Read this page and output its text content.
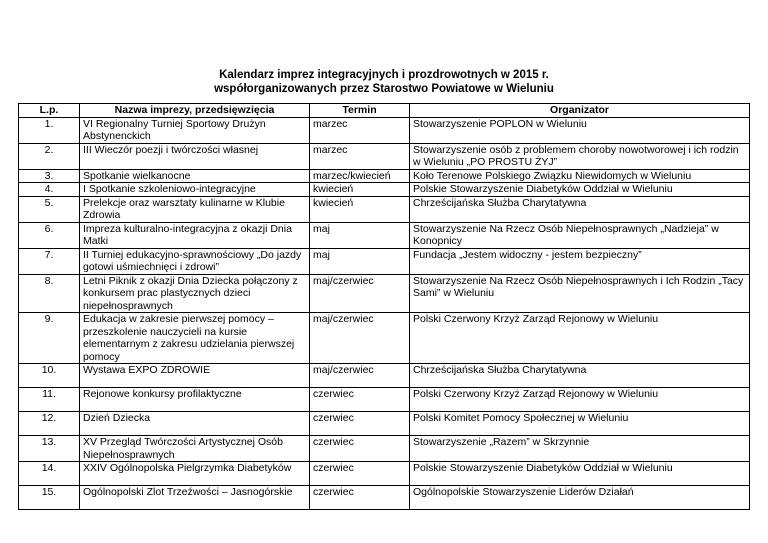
Kalendarz imprez integracyjnych i prozdrowotnych w 2015 r.
współorganizowanych przez Starostwo Powiatowe w Wieluniu
L.p.	Nazwa imprezy, przedsięwzięcia	Termin	Organizator
1.	VI Regionalny Turniej Sportowy Drużyn Abstynenckich	marzec	Stowarzyszenie POPLON w Wieluniu
2.	III Wieczór poezji i twórczości własnej	marzec	Stowarzyszenie osób z problemem choroby nowotworowej i ich rodzin w Wieluniu „PO PROSTU ŻYJ”
3.	Spotkanie wielkanocne	marzec/kwiecień	Koło Terenowe Polskiego Związku Niewidomych w Wieluniu
4.	I Spotkanie szkoleniowo-integracyjne	kwiecień	Polskie Stowarzyszenie Diabetyków Oddział w Wieluniu
5.	Prelekcje oraz warsztaty kulinarne w Klubie Zdrowia	kwiecień	Chrześcijańska Służba Charytatywna
6.	Impreza kulturalno-integracyjna z okazji Dnia Matki	maj	Stowarzyszenie Na Rzecz Osób Niepełnosprawnych „Nadzieja” w Konopnicy
7.	II Turniej edukacyjno-sprawnościowy „Do jazdy gotowi uśmiechnięci i zdrowi”	maj	Fundacja „Jestem widoczny - jestem bezpieczny”
8.	Letni Piknik z okazji Dnia Dziecka połączony z konkursem prac plastycznych dzieci niepełnosprawnych	maj/czerwiec	Stowarzyszenie Na Rzecz Osób Niepełnosprawnych i Ich Rodzin „Tacy Sami” w Wieluniu
9.	Edukacja w zakresie pierwszej pomocy – przeszkolenie nauczycieli na kursie elementarnym z zakresu udzielania pierwszej pomocy	maj/czerwiec	Polski Czerwony Krzyż Zarząd Rejonowy w Wieluniu
10.	Wystawa EXPO ZDROWIE	maj/czerwiec	Chrześcijańska Służba Charytatywna
11.	Rejonowe konkursy profilaktyczne	czerwiec	Polski Czerwony Krzyż Zarząd Rejonowy w Wieluniu
12.	Dzień Dziecka	czerwiec	Polski Komitet Pomocy Społecznej w Wieluniu
13.	XV Przegląd Twórczości Artystycznej Osób Niepełnosprawnych	czerwiec	Stowarzyszenie „Razem” w Skrzynnie
14.	XXIV Ogólnopolska Pielgrzymka Diabetyków	czerwiec	Polskie Stowarzyszenie Diabetyków Oddział w Wieluniu
15.	Ogólnopolski Zlot Trzeźwości – Jasnogórskie	czerwiec	Ogólnopolskie Stowarzyszenie Liderów Działań
